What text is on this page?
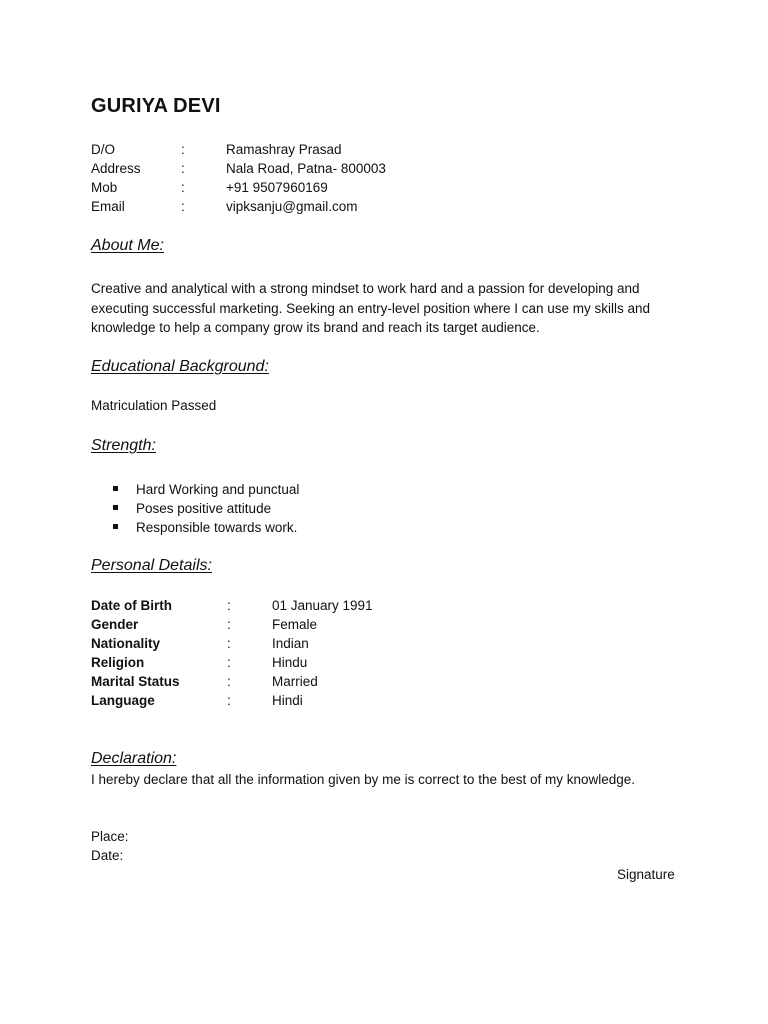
GURIYA DEVI
D/O	:	Ramashray Prasad
Address	:	Nala Road, Patna- 800003
Mob	:	+91 9507960169
Email	:	vipksanju@gmail.com
About Me:

Creative and analytical with a strong mindset to work hard and a passion for developing and executing successful marketing. Seeking an entry-level position where I can use my skills and knowledge to help a company grow its brand and reach its target audience.

Educational Background:

Matriculation Passed

Strength:
Hard Working and punctual
Poses positive attitude
Responsible towards work.
Personal Details:
Date of Birth	:	01 January 1991
Gender	:	Female
Nationality	:	Indian
Religion	:	Hindu
Marital Status	:	Married
Language	:	Hindi
Declaration:

I hereby declare that all the information given by me is correct to the best of my knowledge.

Place:
Date:
Signature
